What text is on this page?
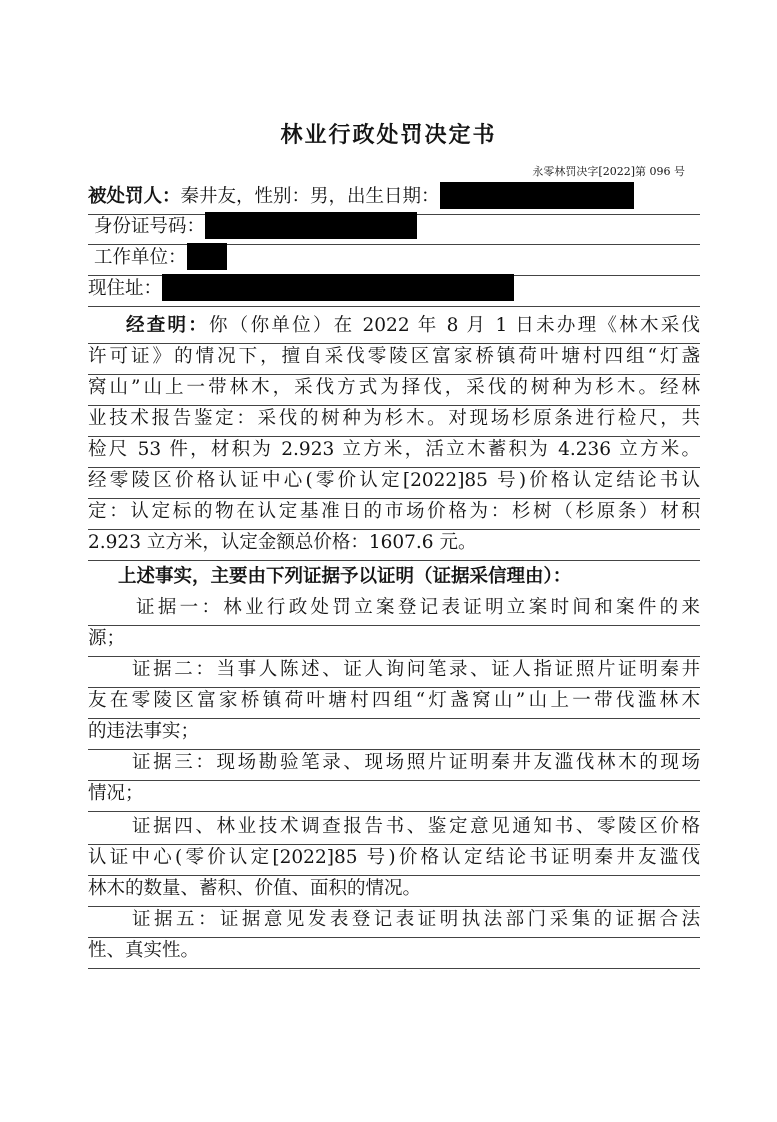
林业行政处罚决定书
永零林罚决字[2022]第 096 号
被处罚人：秦井友，性别：男，出生日期：
身份证号码：
工作单位：
现住址：
经查明：你（你单位）在 2022 年 8 月 1 日未办理《林木采伐
许可证》的情况下，擅自采伐零陵区富家桥镇荷叶塘村四组“灯盏
窝山”山上一带林木，采伐方式为择伐，采伐的树种为杉木。经林
业技术报告鉴定：采伐的树种为杉木。对现场杉原条进行检尺，共
检尺 53 件，材积为 2.923 立方米，活立木蓄积为 4.236 立方米。
经零陵区价格认证中心(零价认定[2022]85 号)价格认定结论书认
定：认定标的物在认定基准日的市场价格为：杉树（杉原条）材积
2.923 立方米，认定金额总价格：1607.6 元。
上述事实，主要由下列证据予以证明（证据采信理由）：
证据一：林业行政处罚立案登记表证明立案时间和案件的来
源；
证据二：当事人陈述、证人询问笔录、证人指证照片证明秦井
友在零陵区富家桥镇荷叶塘村四组“灯盏窝山”山上一带伐滥林木
的违法事实；
证据三：现场勘验笔录、现场照片证明秦井友滥伐林木的现场
情况；
证据四、林业技术调查报告书、鉴定意见通知书、零陵区价格
认证中心(零价认定[2022]85 号)价格认定结论书证明秦井友滥伐
林木的数量、蓄积、价值、面积的情况。
证据五：证据意见发表登记表证明执法部门采集的证据合法
性、真实性。
